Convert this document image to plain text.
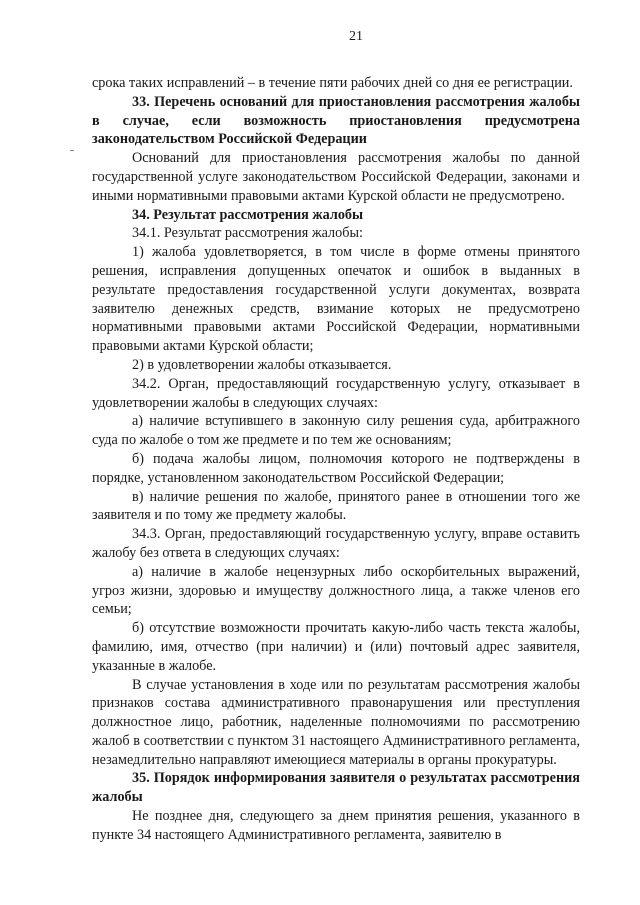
21

срока таких исправлений – в течение пяти рабочих дней со дня ее регистрации.

33. Перечень оснований для приостановления рассмотрения жалобы в случае, если возможность приостановления предусмотрена законодательством Российской Федерации

Оснований для приостановления рассмотрения жалобы по данной государственной услуге законодательством Российской Федерации, законами и иными нормативными правовыми актами Курской области не предусмотрено.

34. Результат рассмотрения жалобы

34.1. Результат рассмотрения жалобы:

1) жалоба удовлетворяется, в том числе в форме отмены принятого решения, исправления допущенных опечаток и ошибок в выданных в результате предоставления государственной услуги документах, возврата заявителю денежных средств, взимание которых не предусмотрено нормативными правовыми актами Российской Федерации, нормативными правовыми актами Курской области;

2) в удовлетворении жалобы отказывается.

34.2. Орган, предоставляющий государственную услугу, отказывает в удовлетворении жалобы в следующих случаях:

а) наличие вступившего в законную силу решения суда, арбитражного суда по жалобе о том же предмете и по тем же основаниям;

б) подача жалобы лицом, полномочия которого не подтверждены в порядке, установленном законодательством Российской Федерации;

в) наличие решения по жалобе, принятого ранее в отношении того же заявителя и по тому же предмету жалобы.

34.3. Орган, предоставляющий государственную услугу, вправе оставить жалобу без ответа в следующих случаях:

а) наличие в жалобе нецензурных либо оскорбительных выражений, угроз жизни, здоровью и имуществу должностного лица, а также членов его семьи;

б) отсутствие возможности прочитать какую-либо часть текста жалобы, фамилию, имя, отчество (при наличии) и (или) почтовый адрес заявителя, указанные в жалобе.

В случае установления в ходе или по результатам рассмотрения жалобы признаков состава административного правонарушения или преступления должностное лицо, работник, наделенные полномочиями по рассмотрению жалоб в соответствии с пунктом 31 настоящего Административного регламента, незамедлительно направляют имеющиеся материалы в органы прокуратуры.

35. Порядок информирования заявителя о результатах рассмотрения жалобы

Не позднее дня, следующего за днем принятия решения, указанного в пункте 34 настоящего Административного регламента, заявителю в
